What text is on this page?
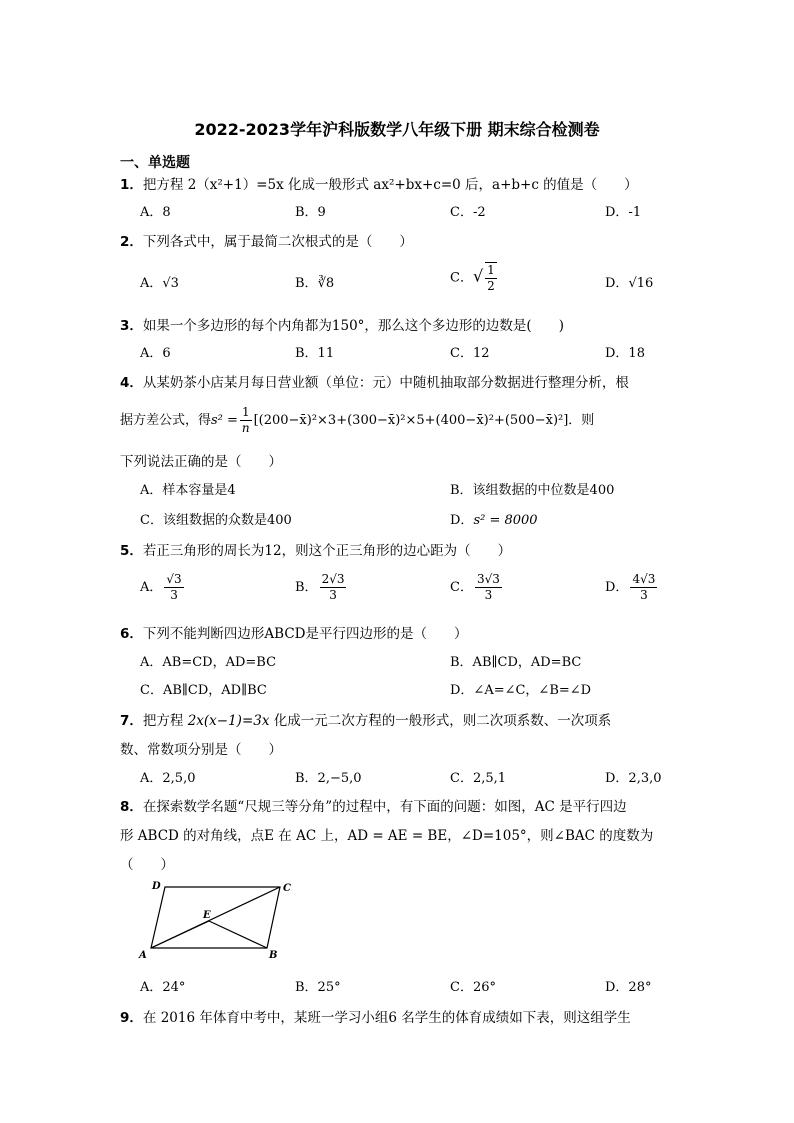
2022-2023学年沪科版数学八年级下册 期末综合检测卷
一、单选题
1．把方程 2（x²+1）=5x 化成一般形式 ax²+bx+c=0 后，a+b+c 的值是（　　）
A．8	B．9	C．-2	D．-1
2．下列各式中，属于最简二次根式的是（　　）
A．√3	B．∛8	C．√ $\frac{1}{2}$	D．√16
3．如果一个多边形的每个内角都为150°，那么这个多边形的边数是(　　)
A．6	B．11	C．12	D．18
4．从某奶茶小店某月每日营业额（单位：元）中随机抽取部分数据进行整理分析，根
据方差公式，得$s^2 = \frac{1}{n}$ [(200−x̄)²×3+(300−x̄)²×5+(400−x̄)²+(500−x̄)²]．则
下列说法正确的是（　　）
A．样本容量是4	B．该组数据的中位数是400
C．该组数据的众数是400	D．s² = 8000
5．若正三角形的周长为12，则这个正三角形的边心距为（　　）
A． $\frac{√3}{3}$	B． $\frac{2√3}{3}$	C． $\frac{3√3}{3}$	D． $\frac{4√3}{3}$
6．下列不能判断四边形ABCD是平行四边形的是（　　）
A．AB=CD，AD=BC	B．AB∥CD，AD=BC
C．AB∥CD，AD∥BC	D．∠A=∠C，∠B=∠D
7．把方程 2x(x−1)=3x 化成一元二次方程的一般形式，则二次项系数、一次项系
数、常数项分别是（　　）
A．2,5,0	B．2,−5,0	C．2,5,1	D．2,3,0
8．在探索数学名题“尺规三等分角”的过程中，有下面的问题：如图，AC 是平行四边
形 ABCD 的对角线，点E 在 AC 上，AD = AE = BE，∠D=105°，则∠BAC 的度数为
（　　）
D	C
E
A	B
A．24°	B．25°	C．26°	D．28°
9．在 2016 年体育中考中，某班一学习小组6 名学生的体育成绩如下表，则这组学生
